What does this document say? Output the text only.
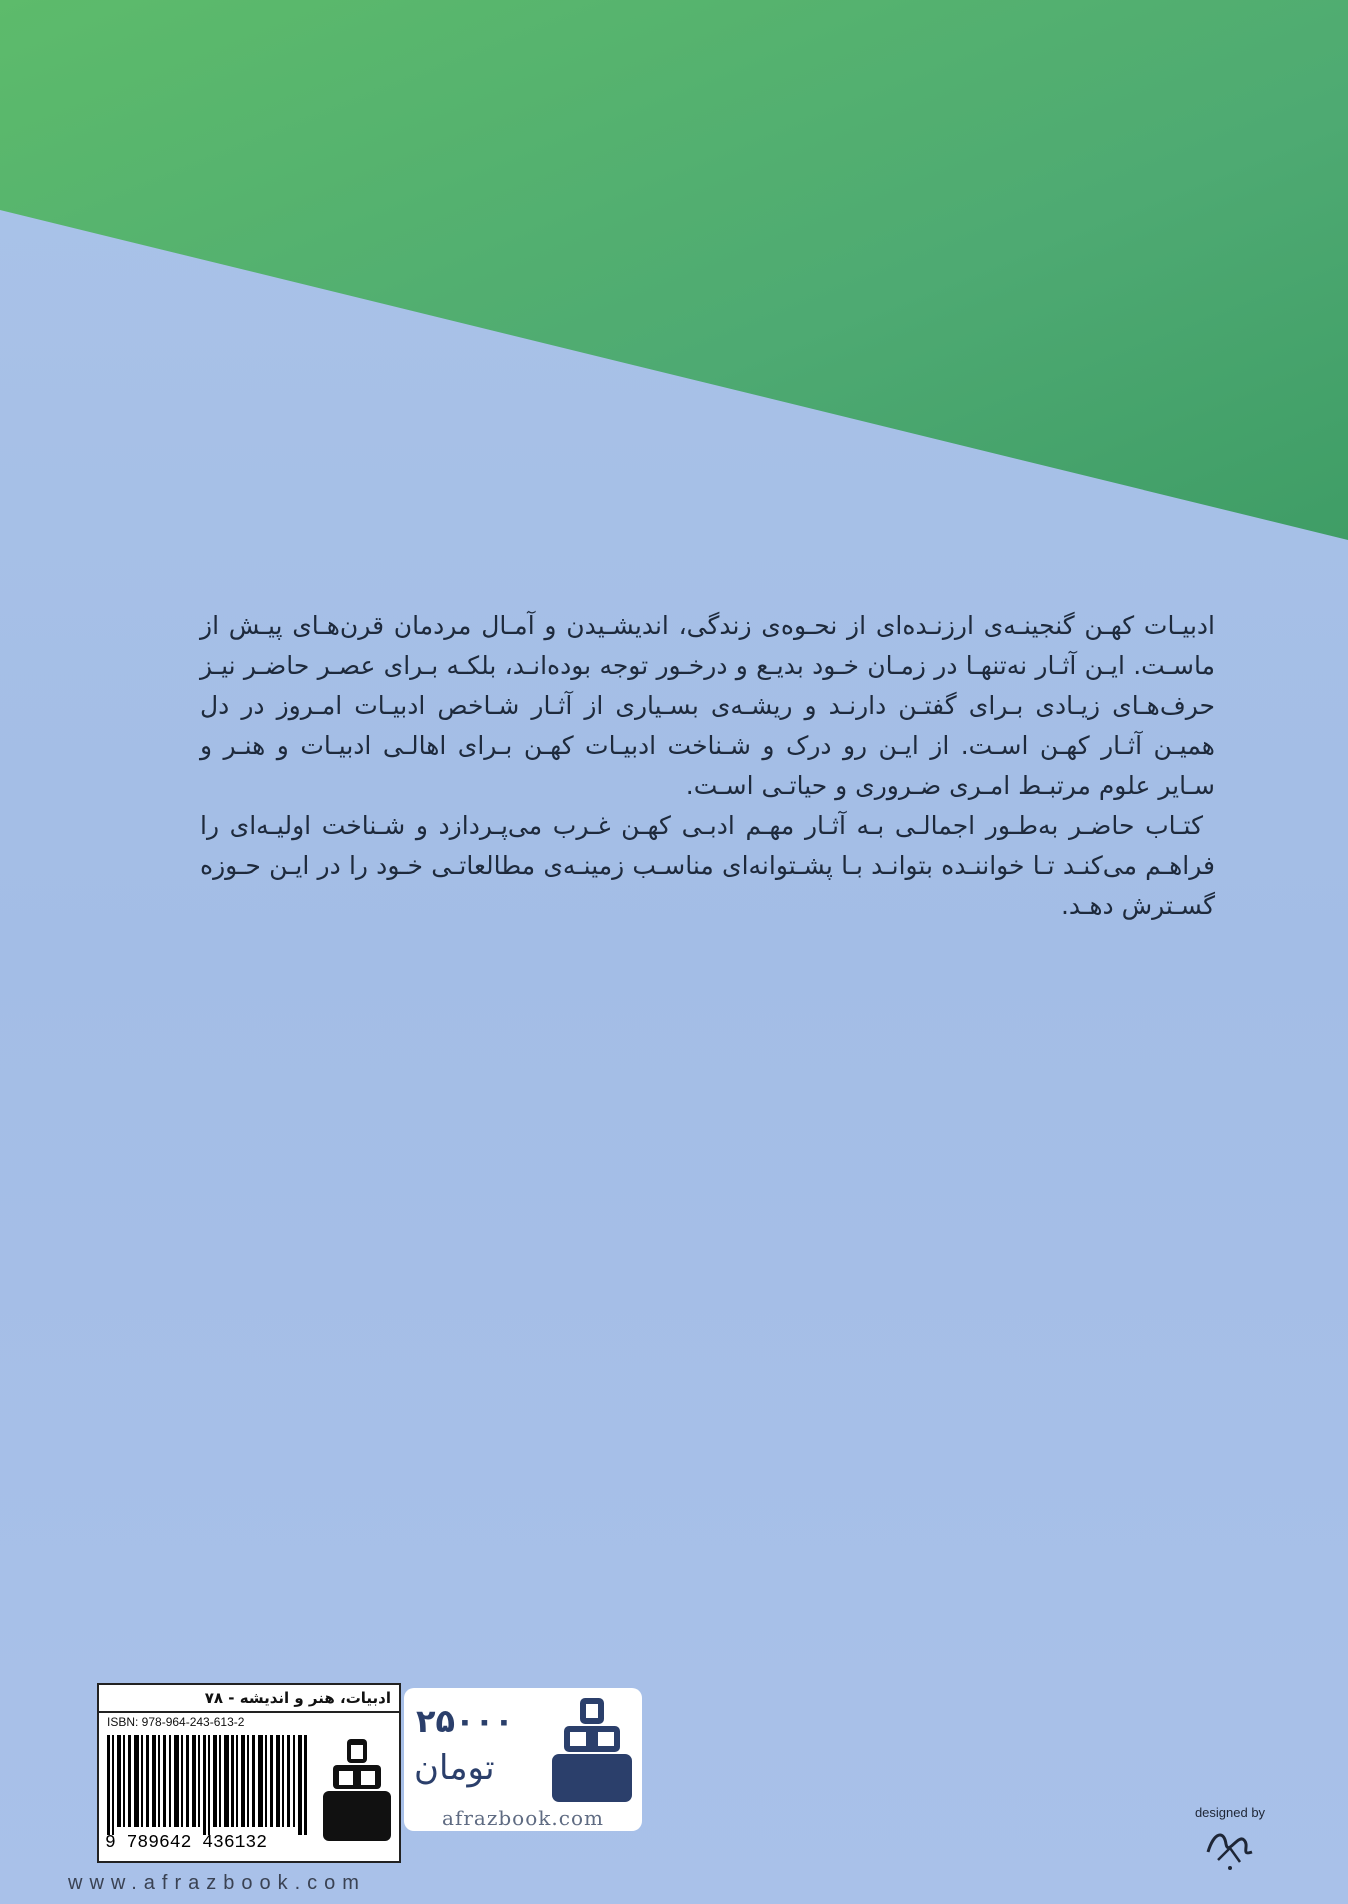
ادبیـات کهـن گنجینـه‌ی ارزنـده‌ای از نحـوه‌ی زندگی، اندیشـیدن و آمـال مردمان قرن‌هـای پیـش از ماسـت. ایـن آثـار نه‌تنهـا در زمـان خـود بدیـع و درخـور توجه بوده‌انـد، بلکـه بـرای عصـر حاضـر نیـز حرف‌هـای زیـادی بـرای گفتـن دارنـد و ریشـه‌ی بسـیاری از آثـار شـاخص ادبیـات امـروز در دل همیـن آثـار کهـن اسـت. از ایـن رو درک و شـناخت ادبیـات کهـن بـرای اهالـی ادبیـات و هنـر و سـایر علوم مرتبـط امـری ضـروری و حیاتـی اسـت.

کتـاب حاضـر به‌طـور اجمالـی بـه آثـار مهـم ادبـی کهـن غـرب می‌پـردازد و شـناخت اولیـه‌ای را فراهـم می‌کنـد تـا خواننـده بتوانـد بـا پشـتوانه‌ای مناسـب زمینـه‌ی مطالعاتـی خـود را در ایـن حـوزه گسـترش دهـد.

ادبیات، هنر و اندیشه - ۷۸
ISBN: 978-964-243-613-2
9 789642 436132
۲۵۰۰۰
تومان
afrazbook.com
www.afrazbook.com
designed by
